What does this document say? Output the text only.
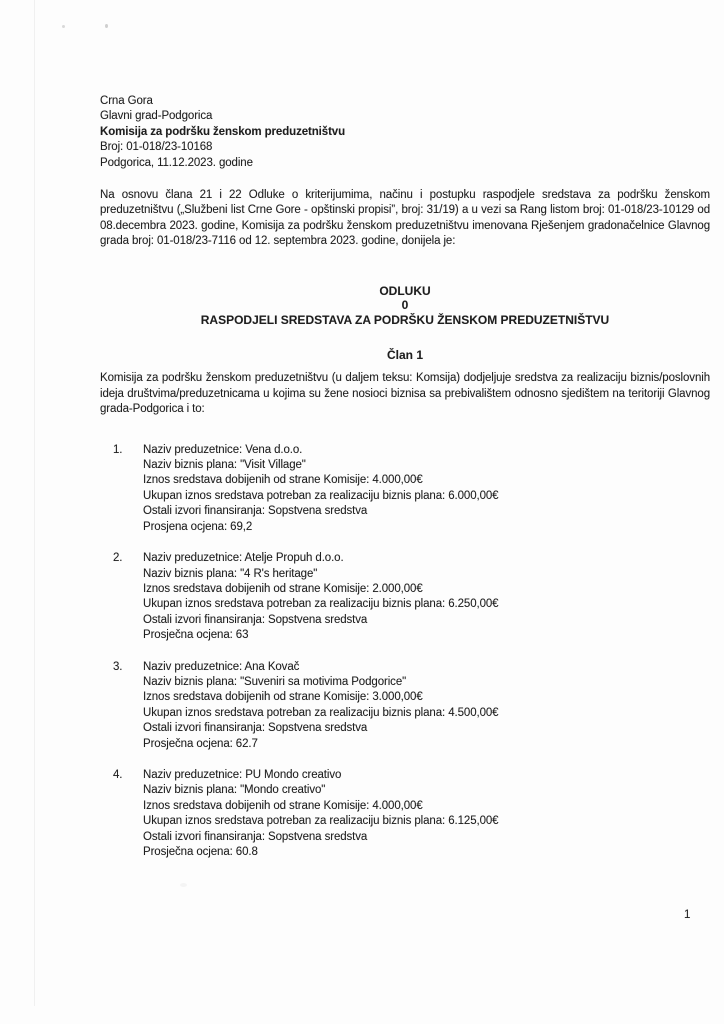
Crna Gora
Glavni grad-Podgorica
Komisija za podršku ženskom preduzetništvu
Broj: 01-018/23-10168
Podgorica, 11.12.2023. godine
Na osnovu člana 21 i 22 Odluke o kriterijumima, načinu i postupku raspodjele sredstava za podršku ženskom preduzetništvu („Službeni list Crne Gore - opštinski propisi”, broj: 31/19) a u vezi sa Rang listom broj: 01-018/23-10129 od 08.decembra 2023. godine, Komisija za podršku ženskom preduzetništvu imenovana Rješenjem gradonačelnice Glavnog grada broj: 01-018/23-7116 od 12. septembra 2023. godine, donijela je:
ODLUKU
0
RASPODJELI SREDSTAVA ZA PODRŠKU ŽENSKOM PREDUZETNIŠTVU
Član 1
Komisija za podršku ženskom preduzetništvu (u daljem teksu: Komsija) dodjeljuje sredstva za realizaciju biznis/poslovnih ideja društvima/preduzetnicama u kojima su žene nosioci biznisa sa prebivalištem odnosno sjedištem na teritoriji Glavnog grada-Podgorica i to:
1.	Naziv preduzetnice: Vena d.o.o.
Naziv biznis plana: "Visit Village"
Iznos sredstava dobijenih od strane Komisije: 4.000,00€
Ukupan iznos sredstava potreban za realizaciju biznis plana: 6.000,00€
Ostali izvori finansiranja: Sopstvena sredstva
Prosjena ocjena: 69,2
2.	Naziv preduzetnice: Atelje Propuh d.o.o.
Naziv biznis plana: "4 R's heritage"
Iznos sredstava dobijenih od strane Komisije: 2.000,00€
Ukupan iznos sredstava potreban za realizaciju biznis plana: 6.250,00€
Ostali izvori finansiranja: Sopstvena sredstva
Prosječna ocjena: 63
3.	Naziv preduzetnice: Ana Kovač
Naziv biznis plana: "Suveniri sa motivima Podgorice"
Iznos sredstava dobijenih od strane Komisije: 3.000,00€
Ukupan iznos sredstava potreban za realizaciju biznis plana: 4.500,00€
Ostali izvori finansiranja: Sopstvena sredstva
Prosječna ocjena: 62.7
4.	Naziv preduzetnice: PU Mondo creativo
Naziv biznis plana: "Mondo creativo"
Iznos sredstava dobijenih od strane Komisije: 4.000,00€
Ukupan iznos sredstava potreban za realizaciju biznis plana: 6.125,00€
Ostali izvori finansiranja: Sopstvena sredstva
Prosječna ocjena: 60.8
1
